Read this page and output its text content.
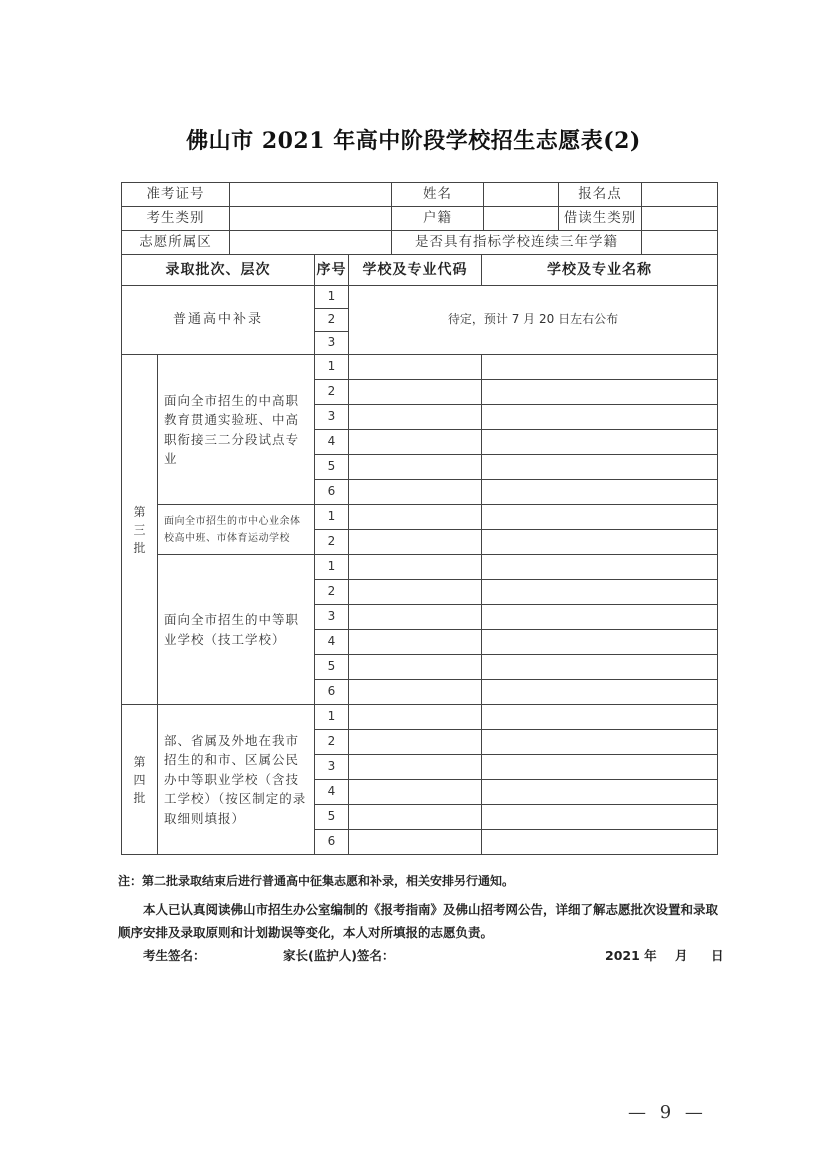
佛山市 2021 年高中阶段学校招生志愿表(2)
准考证号		姓名		报名点	
考生类别		户籍		借读生类别	
志愿所属区		是否具有指标学校连续三年学籍			
录取批次、层次		序号	学校及专业代码	学校及专业名称
普通高中补录		1	待定，预计 7 月 20 日左右公布	
		2		
		3		
第三批	面向全市招生的中高职教育贯通实验班、中高职衔接三二分段试点专业	1		
		2		
		3		
		4		
		5		
		6		
	面向全市招生的市中心业余体校高中班、市体育运动学校	1		
		2		
	面向全市招生的中等职业学校（技工学校）	1		
		2		
		3		
		4		
		5		
		6		
第四批	部、省属及外地在我市招生的和市、区属公民办中等职业学校（含技工学校）（按区制定的录取细则填报）	1		
		2		
		3		
		4		
		5		
		6		
注：第二批录取结束后进行普通高中征集志愿和补录，相关安排另行通知。
本人已认真阅读佛山市招生办公室编制的《报考指南》及佛山招考网公告，详细了解志愿批次设置和录取顺序安排及录取原则和计划勘误等变化，本人对所填报的志愿负责。
考生签名：	家长(监护人)签名：	2021 年 月 日
— 9 —
